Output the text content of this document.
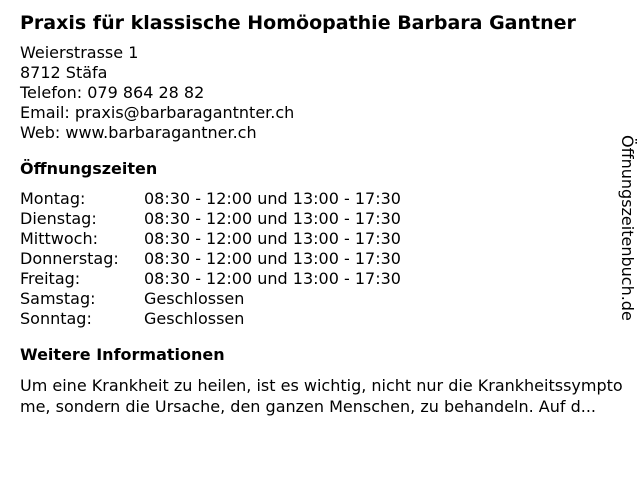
Praxis für klassische Homöopathie Barbara Gantner
Weierstrasse 1
8712 Stäfa
Telefon: 079 864 28 82
Email: praxis@barbaragantnter.ch
Web: www.barbaragantner.ch
Öffnungszeiten
Montag:	08:30 - 12:00 und 13:00 - 17:30
Dienstag:	08:30 - 12:00 und 13:00 - 17:30
Mittwoch:	08:30 - 12:00 und 13:00 - 17:30
Donnerstag:	08:30 - 12:00 und 13:00 - 17:30
Freitag:	08:30 - 12:00 und 13:00 - 17:30
Samstag:	Geschlossen
Sonntag:	Geschlossen
Weitere Informationen
Um eine Krankheit zu heilen, ist es wichtig, nicht nur die Krankheitssymptome, sondern die Ursache, den ganzen Menschen, zu behandeln. Auf d...
Öffnungszeitenbuch.de
